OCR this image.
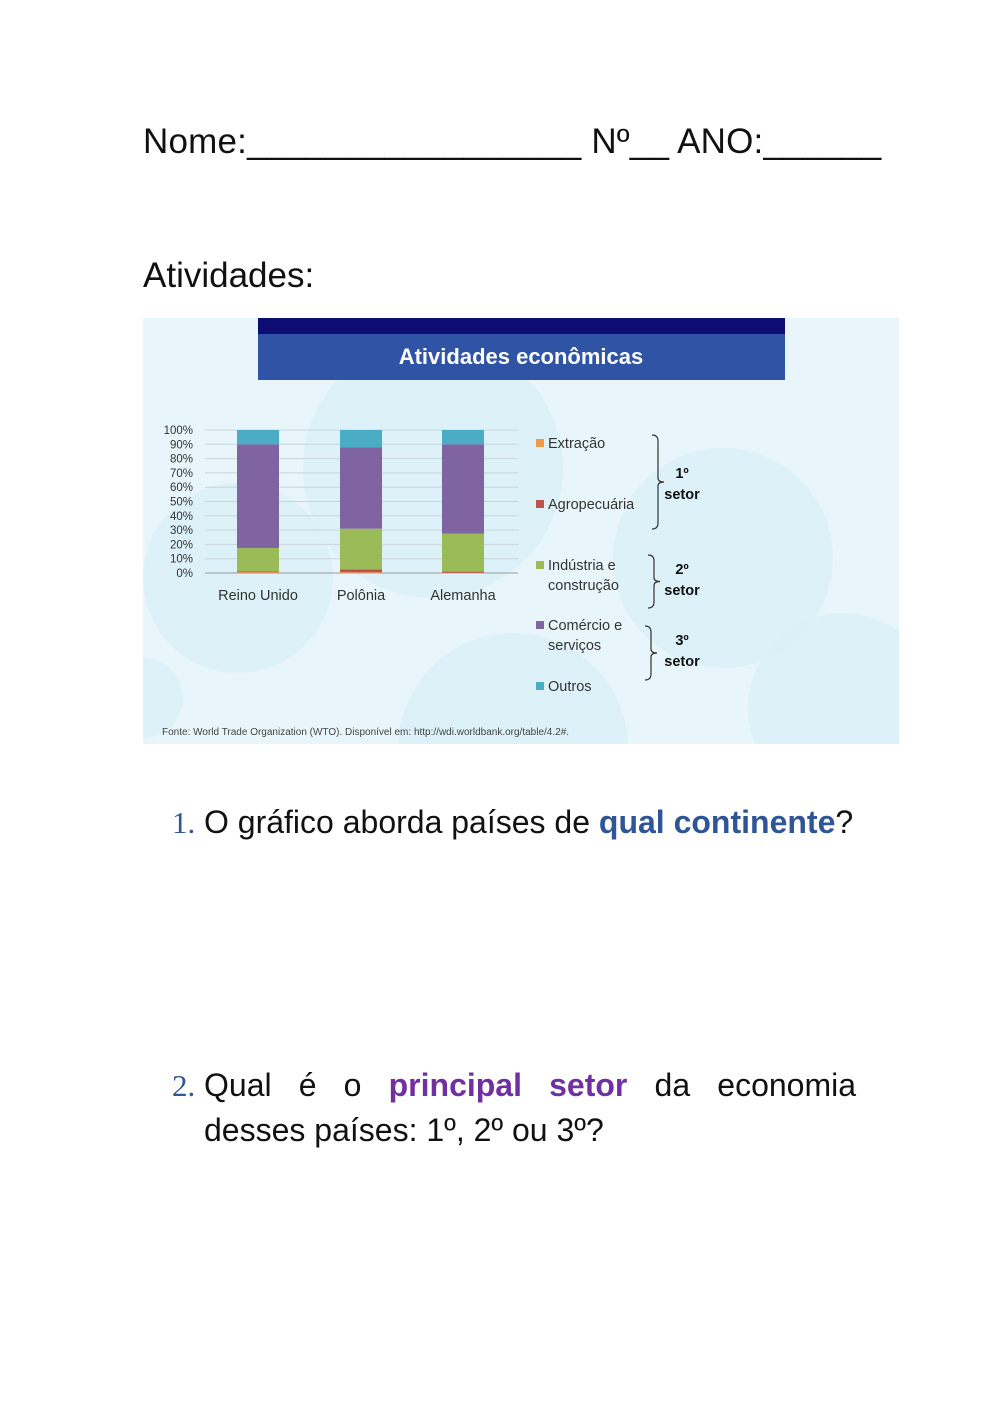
Nome:_________________ Nº__ ANO:______
Atividades:
Atividades econômicas
0%
10%
20%
30%
40%
50%
60%
70%
80%
90%
100%
Reino Unido	Polônia	Alemanha
Extração
Agropecuária
Indústria e
construção
Comércio e
serviços
Outros
1º
setor
2º
setor
3º
setor
Fonte: World Trade Organization (WTO). Disponível em: http://wdi.worldbank.org/table/4.2#.
1. O gráfico aborda países de qual continente?
2. Qual é o principal setor da economia desses países: 1º, 2º ou 3º?
